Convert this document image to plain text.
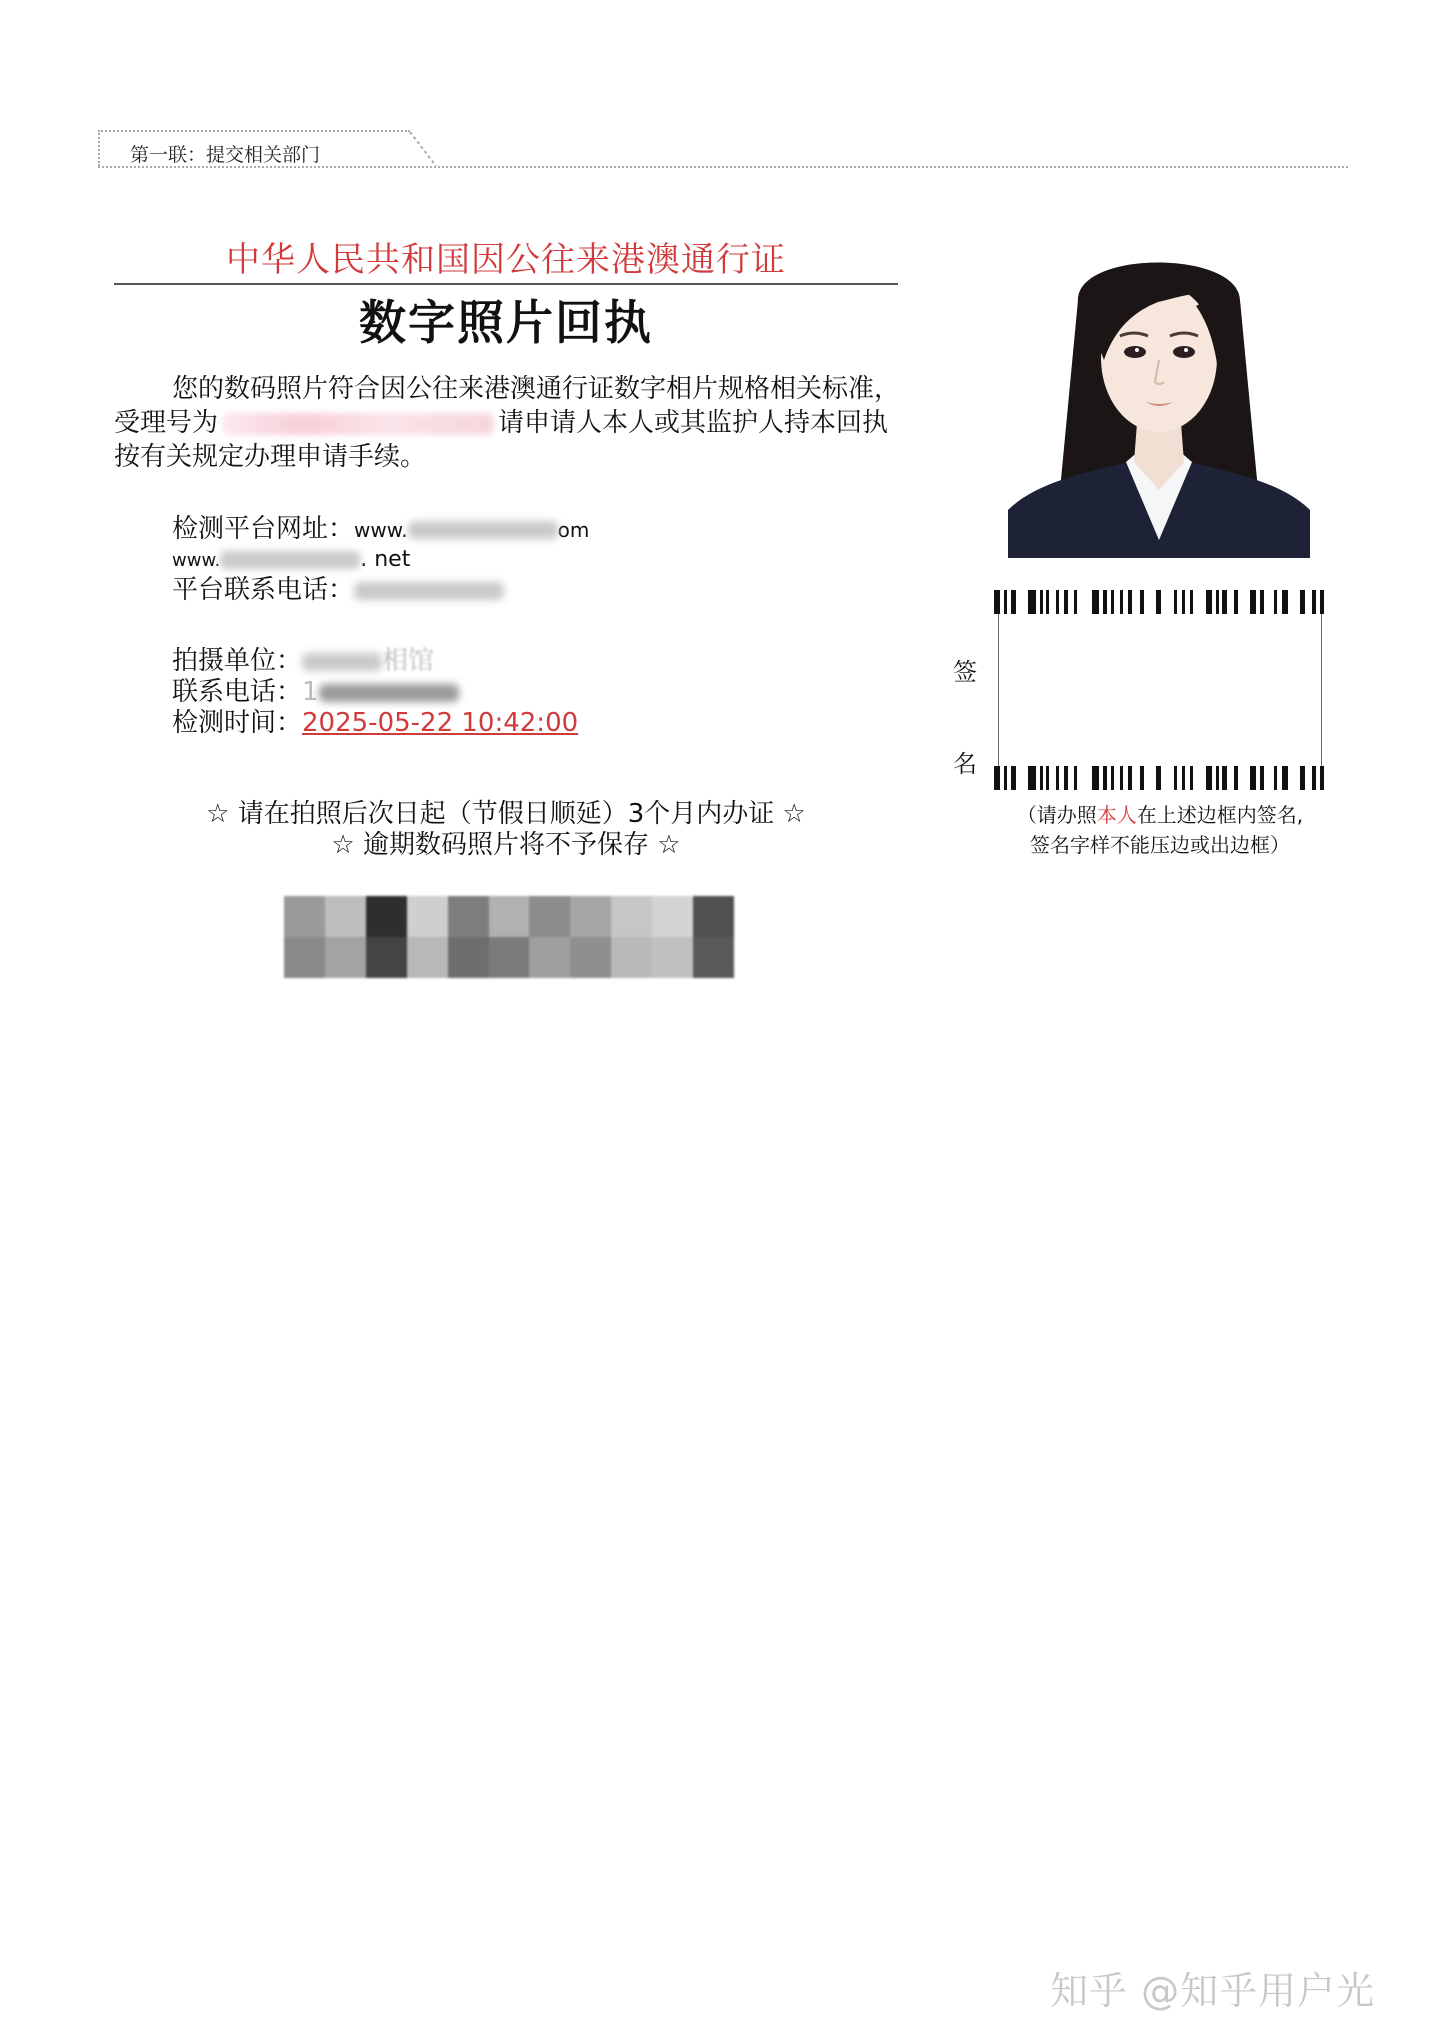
第一联：提交相关部门
中华人民共和国因公往来港澳通行证
数字照片回执
您的数码照片符合因公往来港澳通行证数字相片规格相关标准，受理号为	请申请人本人或其监护人持本回执按有关规定办理申请手续。
检测平台网址：www.	om
www.	. net
平台联系电话：
拍摄单位：	相馆
联系电话：1
检测时间：2025-05-22 10:42:00
☆ 请在拍照后次日起（节假日顺延）3个月内办证 ☆
☆ 逾期数码照片将不予保存 ☆
签
名
（请办照本人在上述边框内签名,
签名字样不能压边或出边框）
知乎 @知乎用户光
